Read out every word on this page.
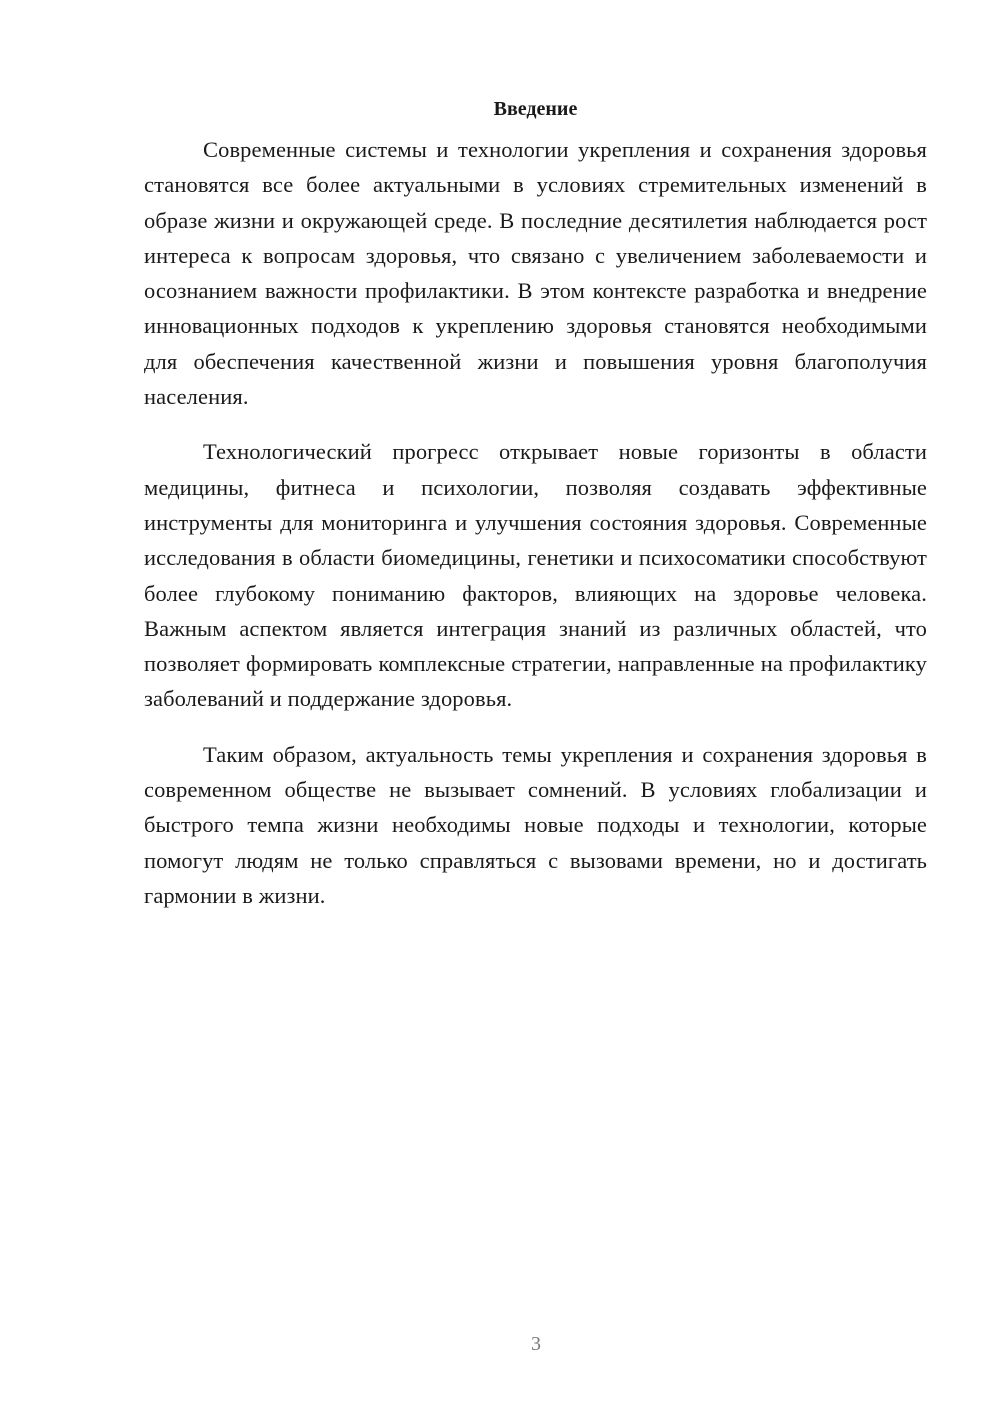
Введение

Современные системы и технологии укрепления и сохранения здоровья становятся все более актуальными в условиях стремительных изменений в образе жизни и окружающей среде. В последние десятилетия наблюдается рост интереса к вопросам здоровья, что связано с увеличением заболеваемости и осознанием важности профилактики. В этом контексте разработка и внедрение инновационных подходов к укреплению здоровья становятся необходимыми для обеспечения качественной жизни и повышения уровня благополучия населения.

Технологический прогресс открывает новые горизонты в области медицины, фитнеса и психологии, позволяя создавать эффективные инструменты для мониторинга и улучшения состояния здоровья. Современные исследования в области биомедицины, генетики и психосоматики способствуют более глубокому пониманию факторов, влияющих на здоровье человека. Важным аспектом является интеграция знаний из различных областей, что позволяет формировать комплексные стратегии, направленные на профилактику заболеваний и поддержание здоровья.

Таким образом, актуальность темы укрепления и сохранения здоровья в современном обществе не вызывает сомнений. В условиях глобализации и быстрого темпа жизни необходимы новые подходы и технологии, которые помогут людям не только справляться с вызовами времени, но и достигать гармонии в жизни.

3
